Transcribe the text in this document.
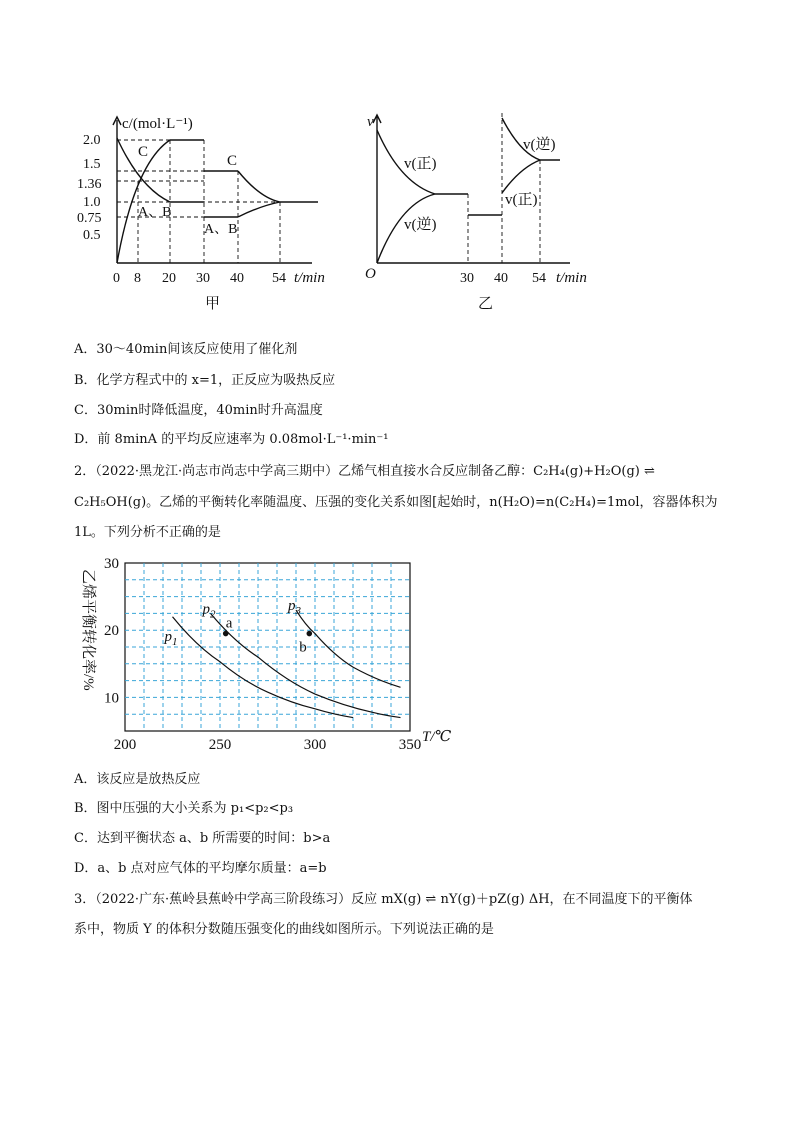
c/(mol·L⁻¹)
2.0
1.5
1.36
1.0
0.75
0.5
0 8 20 30 40 54 t/min
C
A、B
C
A、B
甲
v
O	30 40 54 t/min
v(正)
v(逆)
v(逆)
v(正)
乙
A．30～40min间该反应使用了催化剂
B．化学方程式中的 x=1，正反应为吸热反应
C．30min时降低温度，40min时升高温度
D．前 8minA 的平均反应速率为 0.08mol·L⁻¹·min⁻¹
2．（2022·黑龙江·尚志市尚志中学高三期中）乙烯气相直接水合反应制备乙醇：C₂H₄(g)+H₂O(g) ⇌
C₂H₅OH(g)。乙烯的平衡转化率随温度、压强的变化关系如图[起始时，n(H₂O)=n(C₂H₄)=1mol，容器体积为
1L。下列分析不正确的是
200	250	300	350
10
20
30
T/℃
乙烯平衡转化率/%	$p_1$
$p_2$
$p_3$
a
b
A．该反应是放热反应
B．图中压强的大小关系为 p₁<p₂<p₃
C．达到平衡状态 a、b 所需要的时间：b>a
D．a、b 点对应气体的平均摩尔质量：a=b
3．（2022·广东·蕉岭县蕉岭中学高三阶段练习）反应 mX(g) ⇌ nY(g)＋pZ(g) ΔH，在不同温度下的平衡体
系中，物质 Y 的体积分数随压强变化的曲线如图所示。下列说法正确的是
